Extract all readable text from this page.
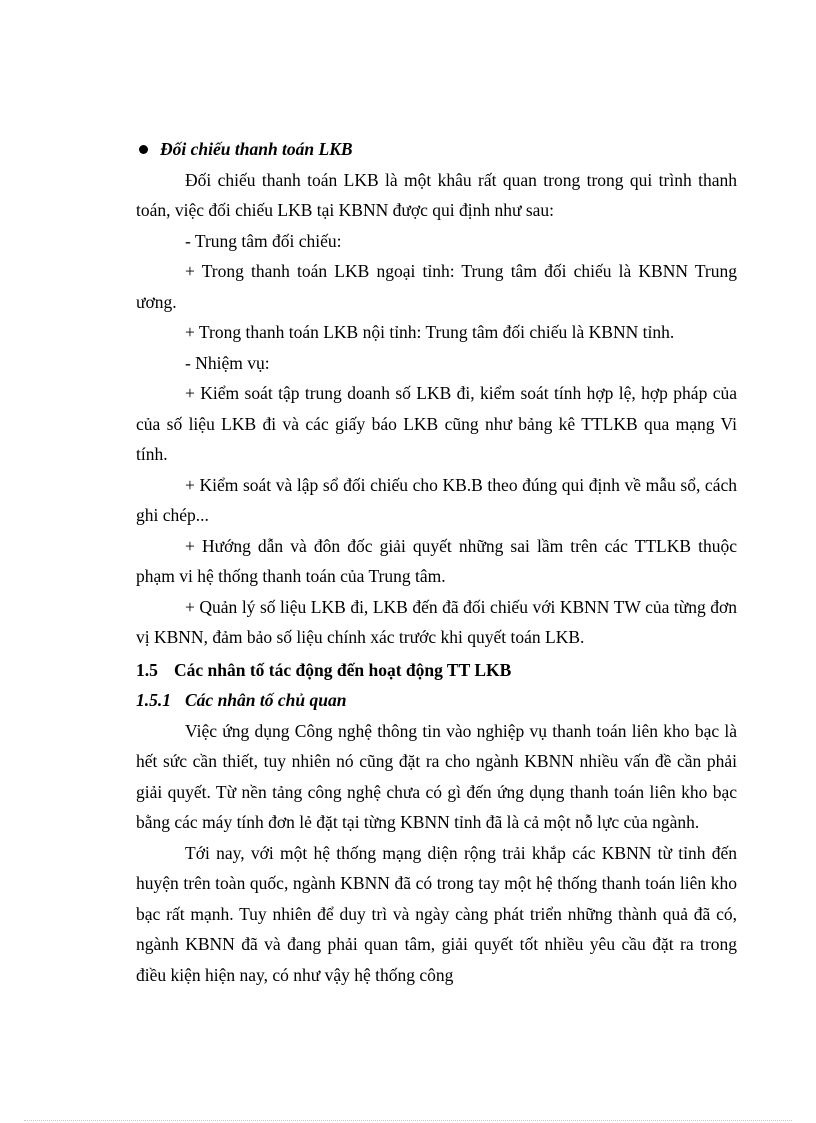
Đối chiếu thanh toán LKB

Đối chiếu thanh toán LKB là một khâu rất quan trong trong qui trình thanh toán, việc đối chiếu LKB tại KBNN được qui định như sau:

- Trung tâm đối chiếu:

+ Trong thanh toán LKB ngoại tỉnh: Trung tâm đối chiếu là KBNN Trung ương.

+ Trong thanh toán LKB nội tỉnh: Trung tâm đối chiếu là KBNN tỉnh.

- Nhiệm vụ:

+ Kiểm soát tập trung doanh số LKB đi, kiểm soát tính hợp lệ, hợp pháp của của số liệu LKB đi và các giấy báo LKB cũng như bảng kê TTLKB qua mạng Vi tính.

+ Kiểm soát và lập sổ đối chiếu cho KB.B theo đúng qui định về mẫu sổ, cách ghi chép...

+ Hướng dẫn và đôn đốc giải quyết những sai lầm trên các TTLKB thuộc phạm vi hệ thống thanh toán của Trung tâm.

+ Quản lý số liệu LKB đi, LKB đến đã đối chiếu với KBNN TW của từng đơn vị KBNN, đảm bảo số liệu chính xác trước khi quyết toán LKB.

1.5 Các nhân tố tác động đến hoạt động TT LKB
1.5.1 Các nhân tố chủ quan

Việc ứng dụng Công nghệ thông tin vào nghiệp vụ thanh toán liên kho bạc là hết sức cần thiết, tuy nhiên nó cũng đặt ra cho ngành KBNN nhiều vấn đề cần phải giải quyết. Từ nền tảng công nghệ chưa có gì đến ứng dụng thanh toán liên kho bạc bằng các máy tính đơn lẻ đặt tại từng KBNN tỉnh đã là cả một nỗ lực của ngành.

Tới nay, với một hệ thống mạng diện rộng trải khắp các KBNN từ tỉnh đến huyện trên toàn quốc, ngành KBNN đã có trong tay một hệ thống thanh toán liên kho bạc rất mạnh. Tuy nhiên để duy trì và ngày càng phát triển những thành quả đã có, ngành KBNN đã và đang phải quan tâm, giải quyết tốt nhiều yêu cầu đặt ra trong điều kiện hiện nay, có như vậy hệ thống công
